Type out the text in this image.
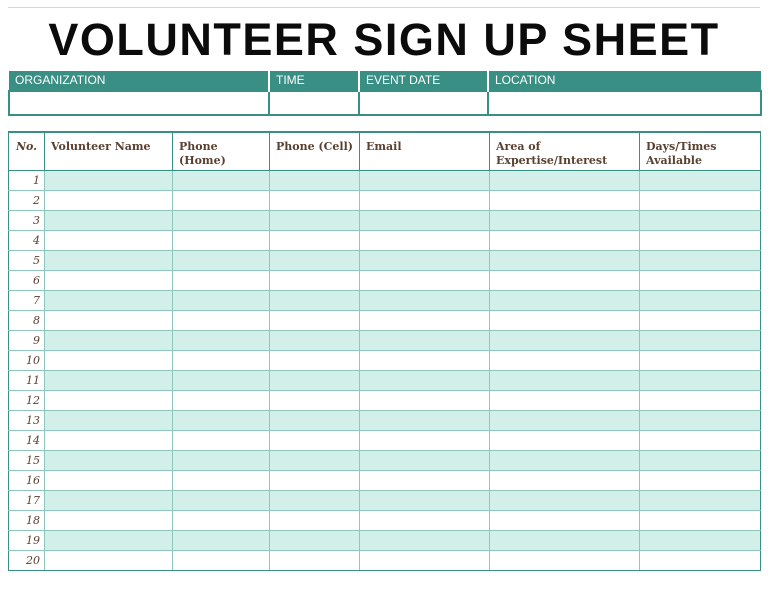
VOLUNTEER SIGN UP SHEET
ORGANIZATION	TIME	EVENT DATE	LOCATION

No.	Volunteer Name	Phone (Home)	Phone (Cell)	Email	Area of Expertise/Interest	Days/Times Available
1						
2						
3						
4						
5						
6						
7						
8						
9						
10						
11						
12						
13						
14						
15						
16						
17						
18						
19						
20						
